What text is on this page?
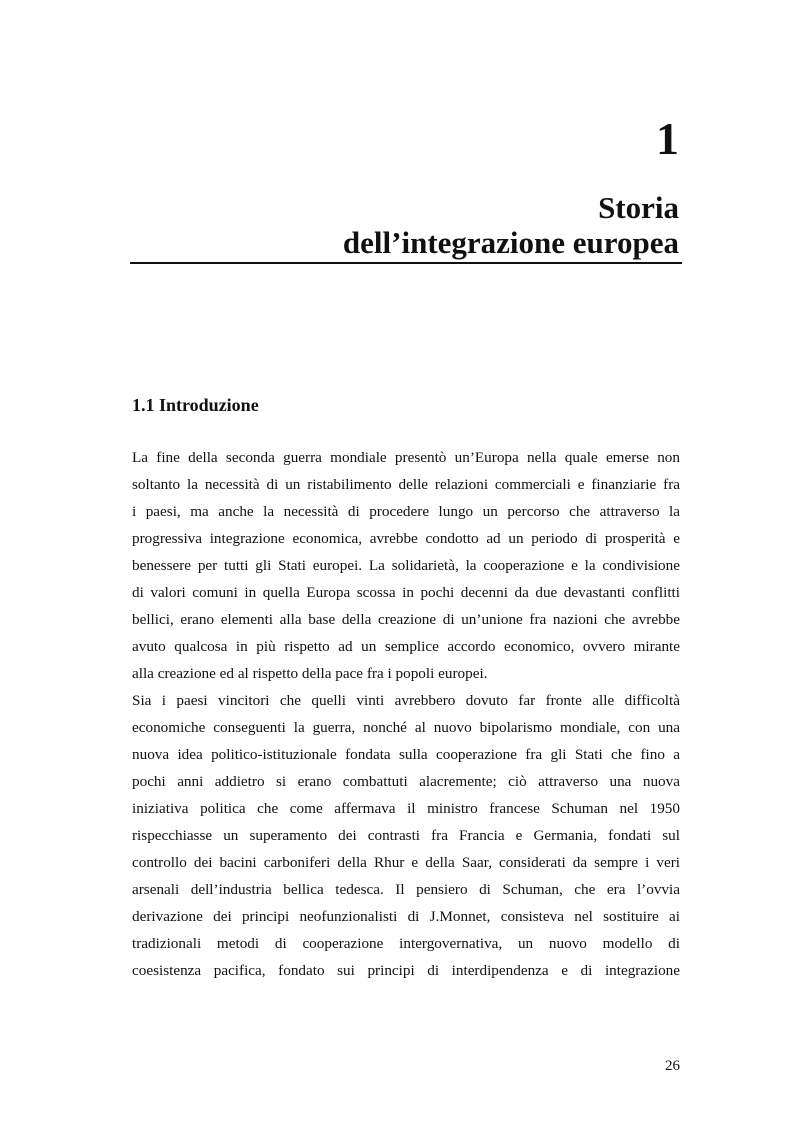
1
Storia
dell’integrazione europea
1.1 Introduzione

La fine della seconda guerra mondiale presentò un’Europa nella quale emerse non
soltanto la necessità di un ristabilimento delle relazioni commerciali e finanziarie fra
i paesi, ma anche la necessità di procedere lungo un percorso che attraverso la
progressiva integrazione economica, avrebbe condotto ad un periodo di prosperità e
benessere per tutti gli Stati europei. La solidarietà, la cooperazione e la condivisione
di valori comuni in quella Europa scossa in pochi decenni da due devastanti conflitti
bellici, erano elementi alla base della creazione di un’unione fra nazioni che avrebbe
avuto qualcosa in più rispetto ad un semplice accordo economico, ovvero mirante
alla creazione ed al rispetto della pace fra i popoli europei.

Sia i paesi vincitori che quelli vinti avrebbero dovuto far fronte alle difficoltà
economiche conseguenti la guerra, nonché al nuovo bipolarismo mondiale, con una
nuova idea politico-istituzionale fondata sulla cooperazione fra gli Stati che fino a
pochi anni addietro si erano combattuti alacremente; ciò attraverso una nuova
iniziativa politica che come affermava il ministro francese Schuman nel 1950
rispecchiasse un superamento dei contrasti fra Francia e Germania, fondati sul
controllo dei bacini carboniferi della Rhur e della Saar, considerati da sempre i veri
arsenali dell’industria bellica tedesca. Il pensiero di Schuman, che era l’ovvia
derivazione dei principi neofunzionalisti di J.Monnet, consisteva nel sostituire ai
tradizionali metodi di cooperazione intergovernativa, un nuovo modello di
coesistenza pacifica, fondato sui principi di interdipendenza e di integrazione

26
